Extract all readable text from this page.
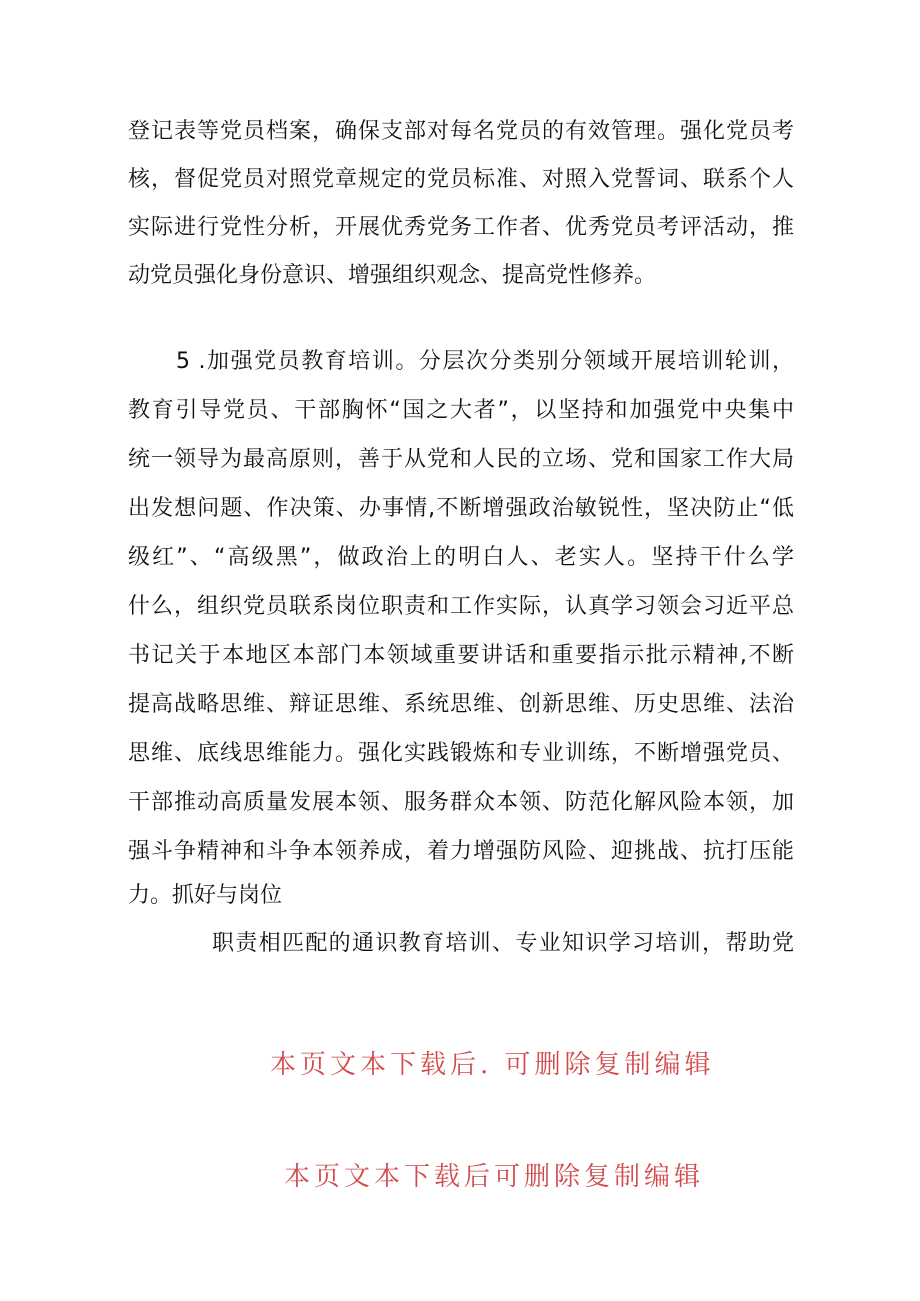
登记表等党员档案，确保支部对每名党员的有效管理。强化党员考
核，督促党员对照党章规定的党员标准、对照入党誓词、联系个人
实际进行党性分析，开展优秀党务工作者、优秀党员考评活动，推
动党员强化身份意识、增强组织观念、提高党性修养。
5 .加强党员教育培训。分层次分类别分领域开展培训轮训，
教育引导党员、干部胸怀“国之大者”，以坚持和加强党中央集中
统一领导为最高原则，善于从党和人民的立场、党和国家工作大局
出发想问题、作决策、办事情,不断增强政治敏锐性，坚决防止“低
级红”、“高级黑”，做政治上的明白人、老实人。坚持干什么学
什么，组织党员联系岗位职责和工作实际，认真学习领会习近平总
书记关于本地区本部门本领域重要讲话和重要指示批示精神,不断
提高战略思维、辩证思维、系统思维、创新思维、历史思维、法治
思维、底线思维能力。强化实践锻炼和专业训练，不断增强党员、
干部推动高质量发展本领、服务群众本领、防范化解风险本领，加
强斗争精神和斗争本领养成，着力增强防风险、迎挑战、抗打压能
力。抓好与岗位
职责相匹配的通识教育培训、专业知识学习培训，帮助党
本页文本下载后. 可删除复制编辑
本页文本下载后可删除复制编辑
